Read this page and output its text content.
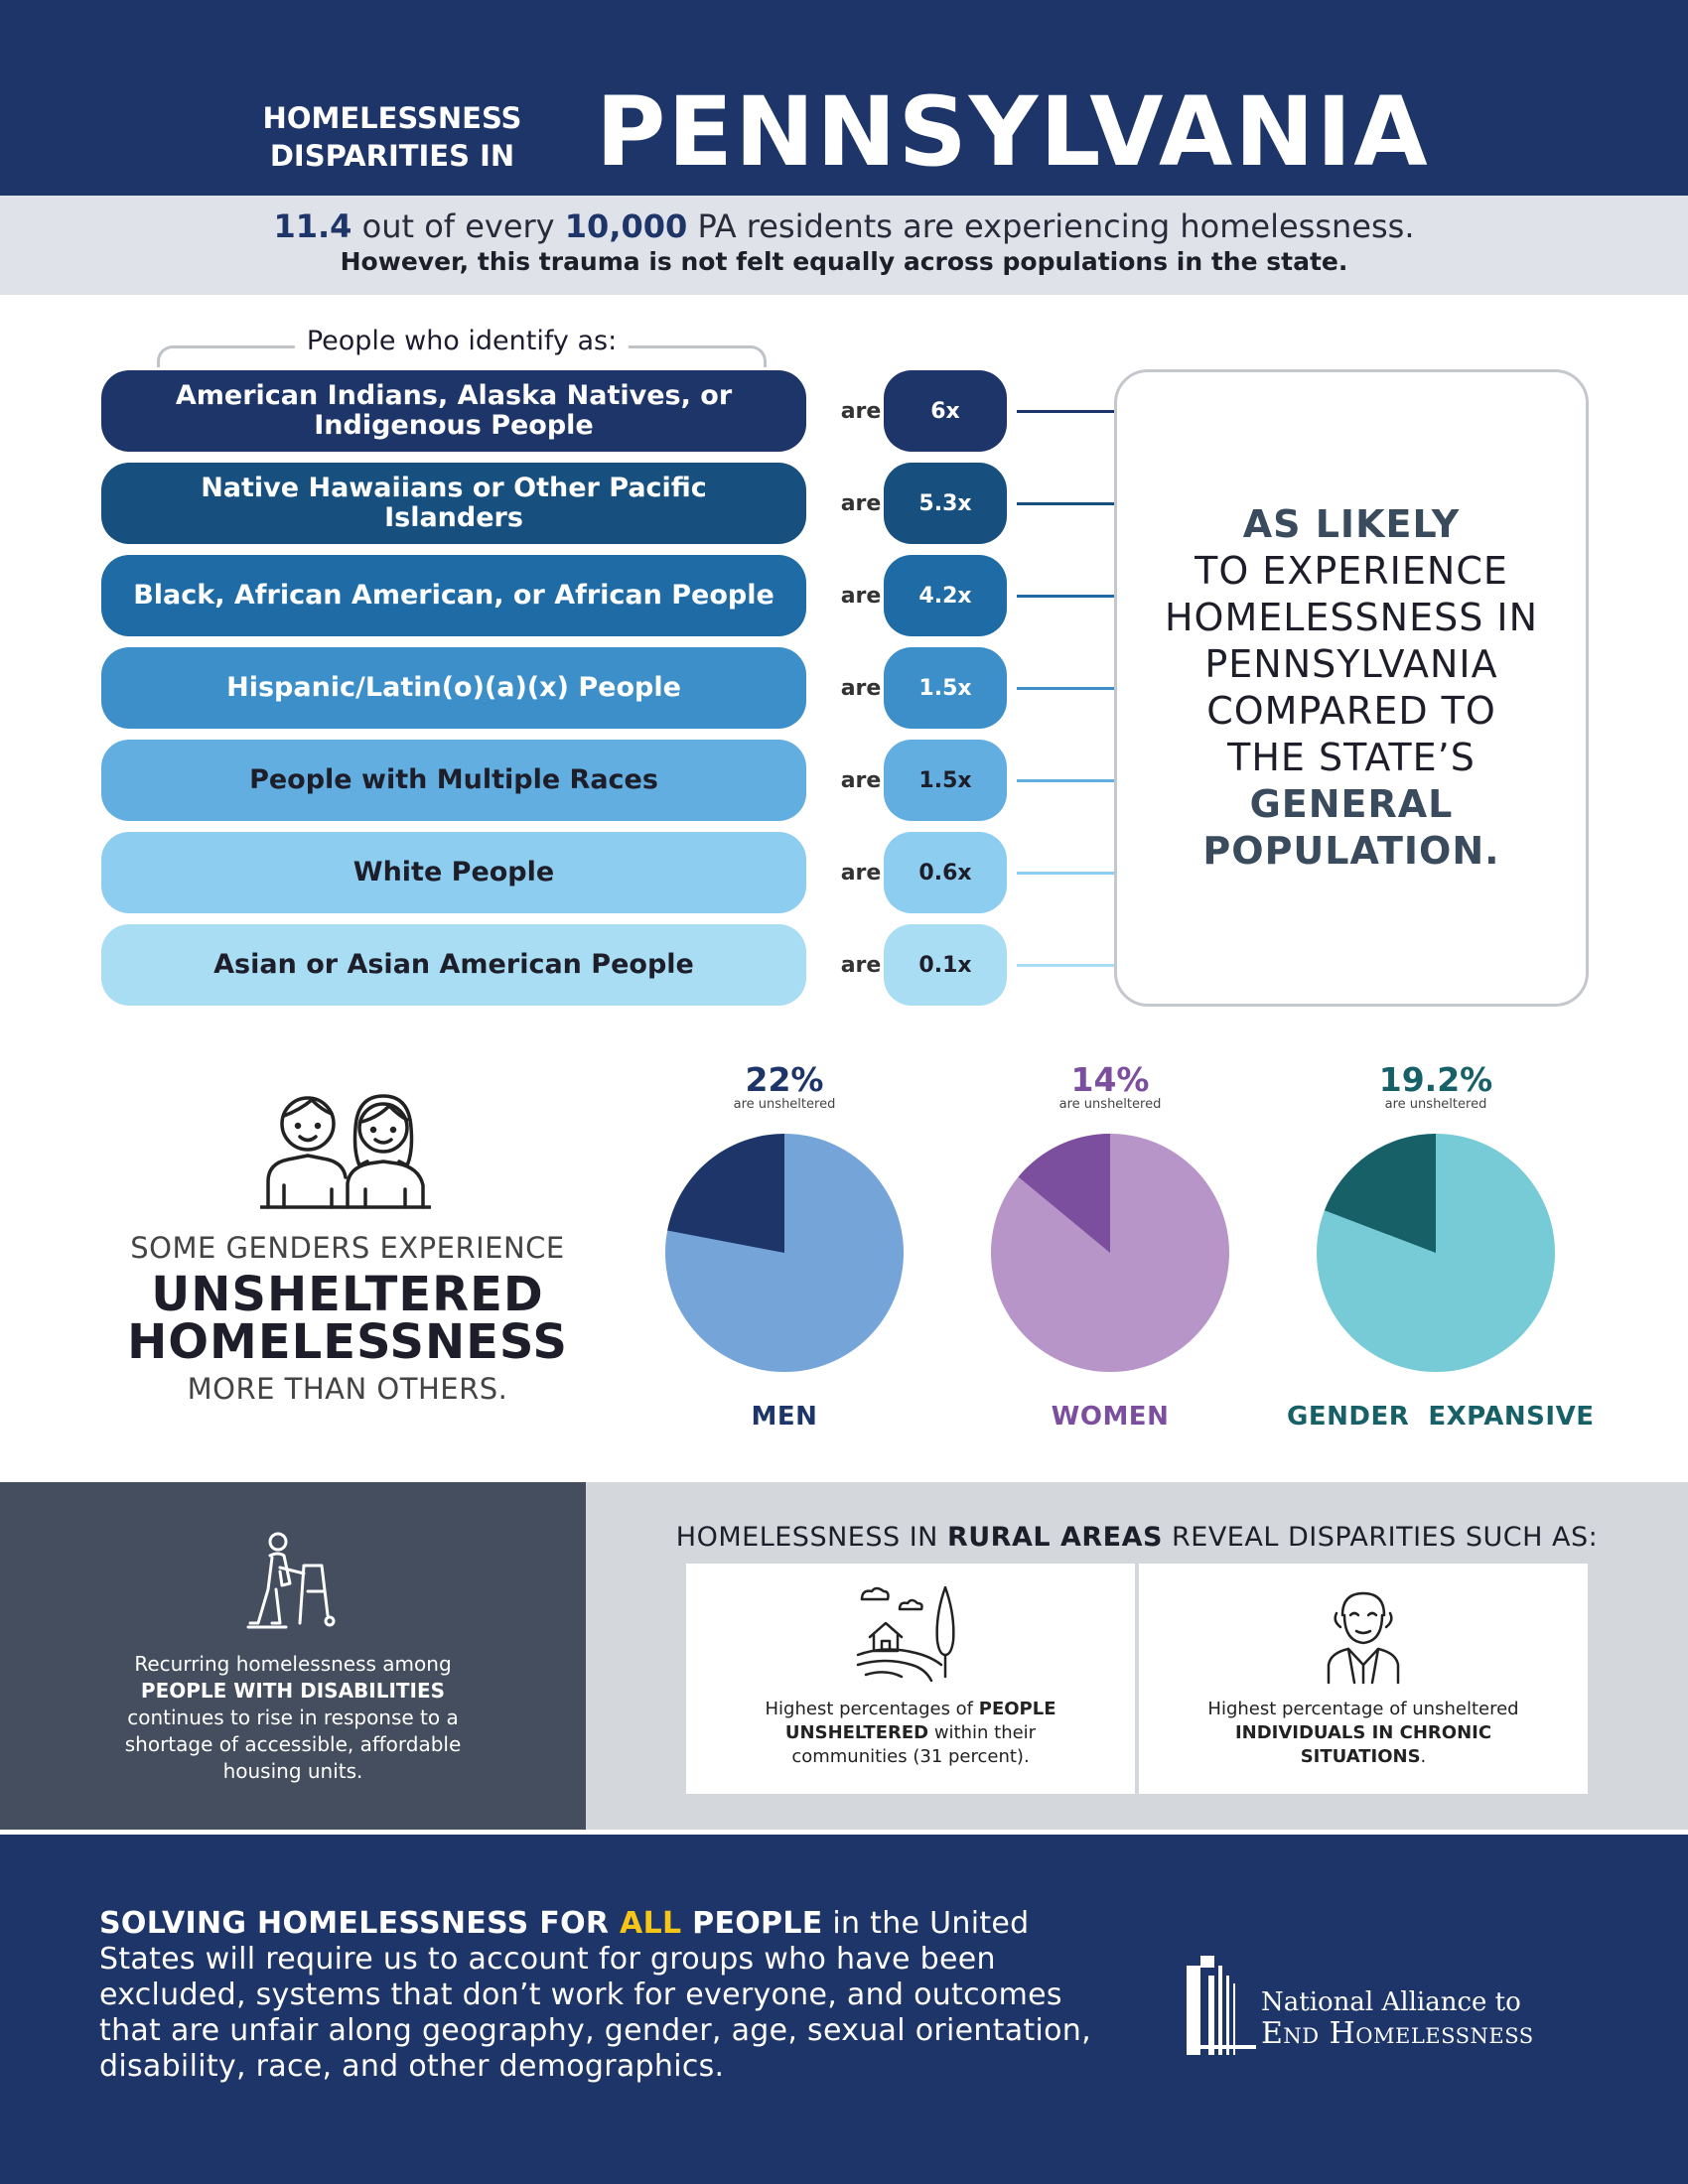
HOMELESSNESS
DISPARITIES IN PENNSYLVANIA
11.4 out of every 10,000 PA residents are experiencing homelessness.
However, this trauma is not felt equally across populations in the state.
People who identify as:
American Indians, Alaska Natives, or Indigenous People	are	6x
Native Hawaiians or Other Pacific Islanders	are	5.3x
Black, African American, or African People	are	4.2x
Hispanic/Latin(o)(a)(x) People	are	1.5x
People with Multiple Races	are	1.5x
White People	are	0.6x
Asian or Asian American People	are	0.1x
AS LIKELY
TO EXPERIENCE
HOMELESSNESS IN
PENNSYLVANIA
COMPARED TO
THE STATE’S
GENERAL
POPULATION.
SOME GENDERS EXPERIENCE
UNSHELTERED
HOMELESSNESS
MORE THAN OTHERS.
22%
are unsheltered
MEN
14%
are unsheltered
WOMEN
19.2%
are unsheltered
GENDER  EXPANSIVE
Recurring homelessness among PEOPLE WITH DISABILITIES continues to rise in response to a shortage of accessible, affordable housing units.
HOMELESSNESS IN RURAL AREAS REVEAL DISPARITIES SUCH AS:
Highest percentages of PEOPLE UNSHELTERED within their communities (31 percent).
Highest percentage of unsheltered INDIVIDUALS IN CHRONIC SITUATIONS.
SOLVING HOMELESSNESS FOR ALL PEOPLE in the United States will require us to account for groups who have been excluded, systems that don’t work for everyone, and outcomes that are unfair along geography, gender, age, sexual orientation, disability, race, and other demographics.
National Alliance to
End Homelessness
